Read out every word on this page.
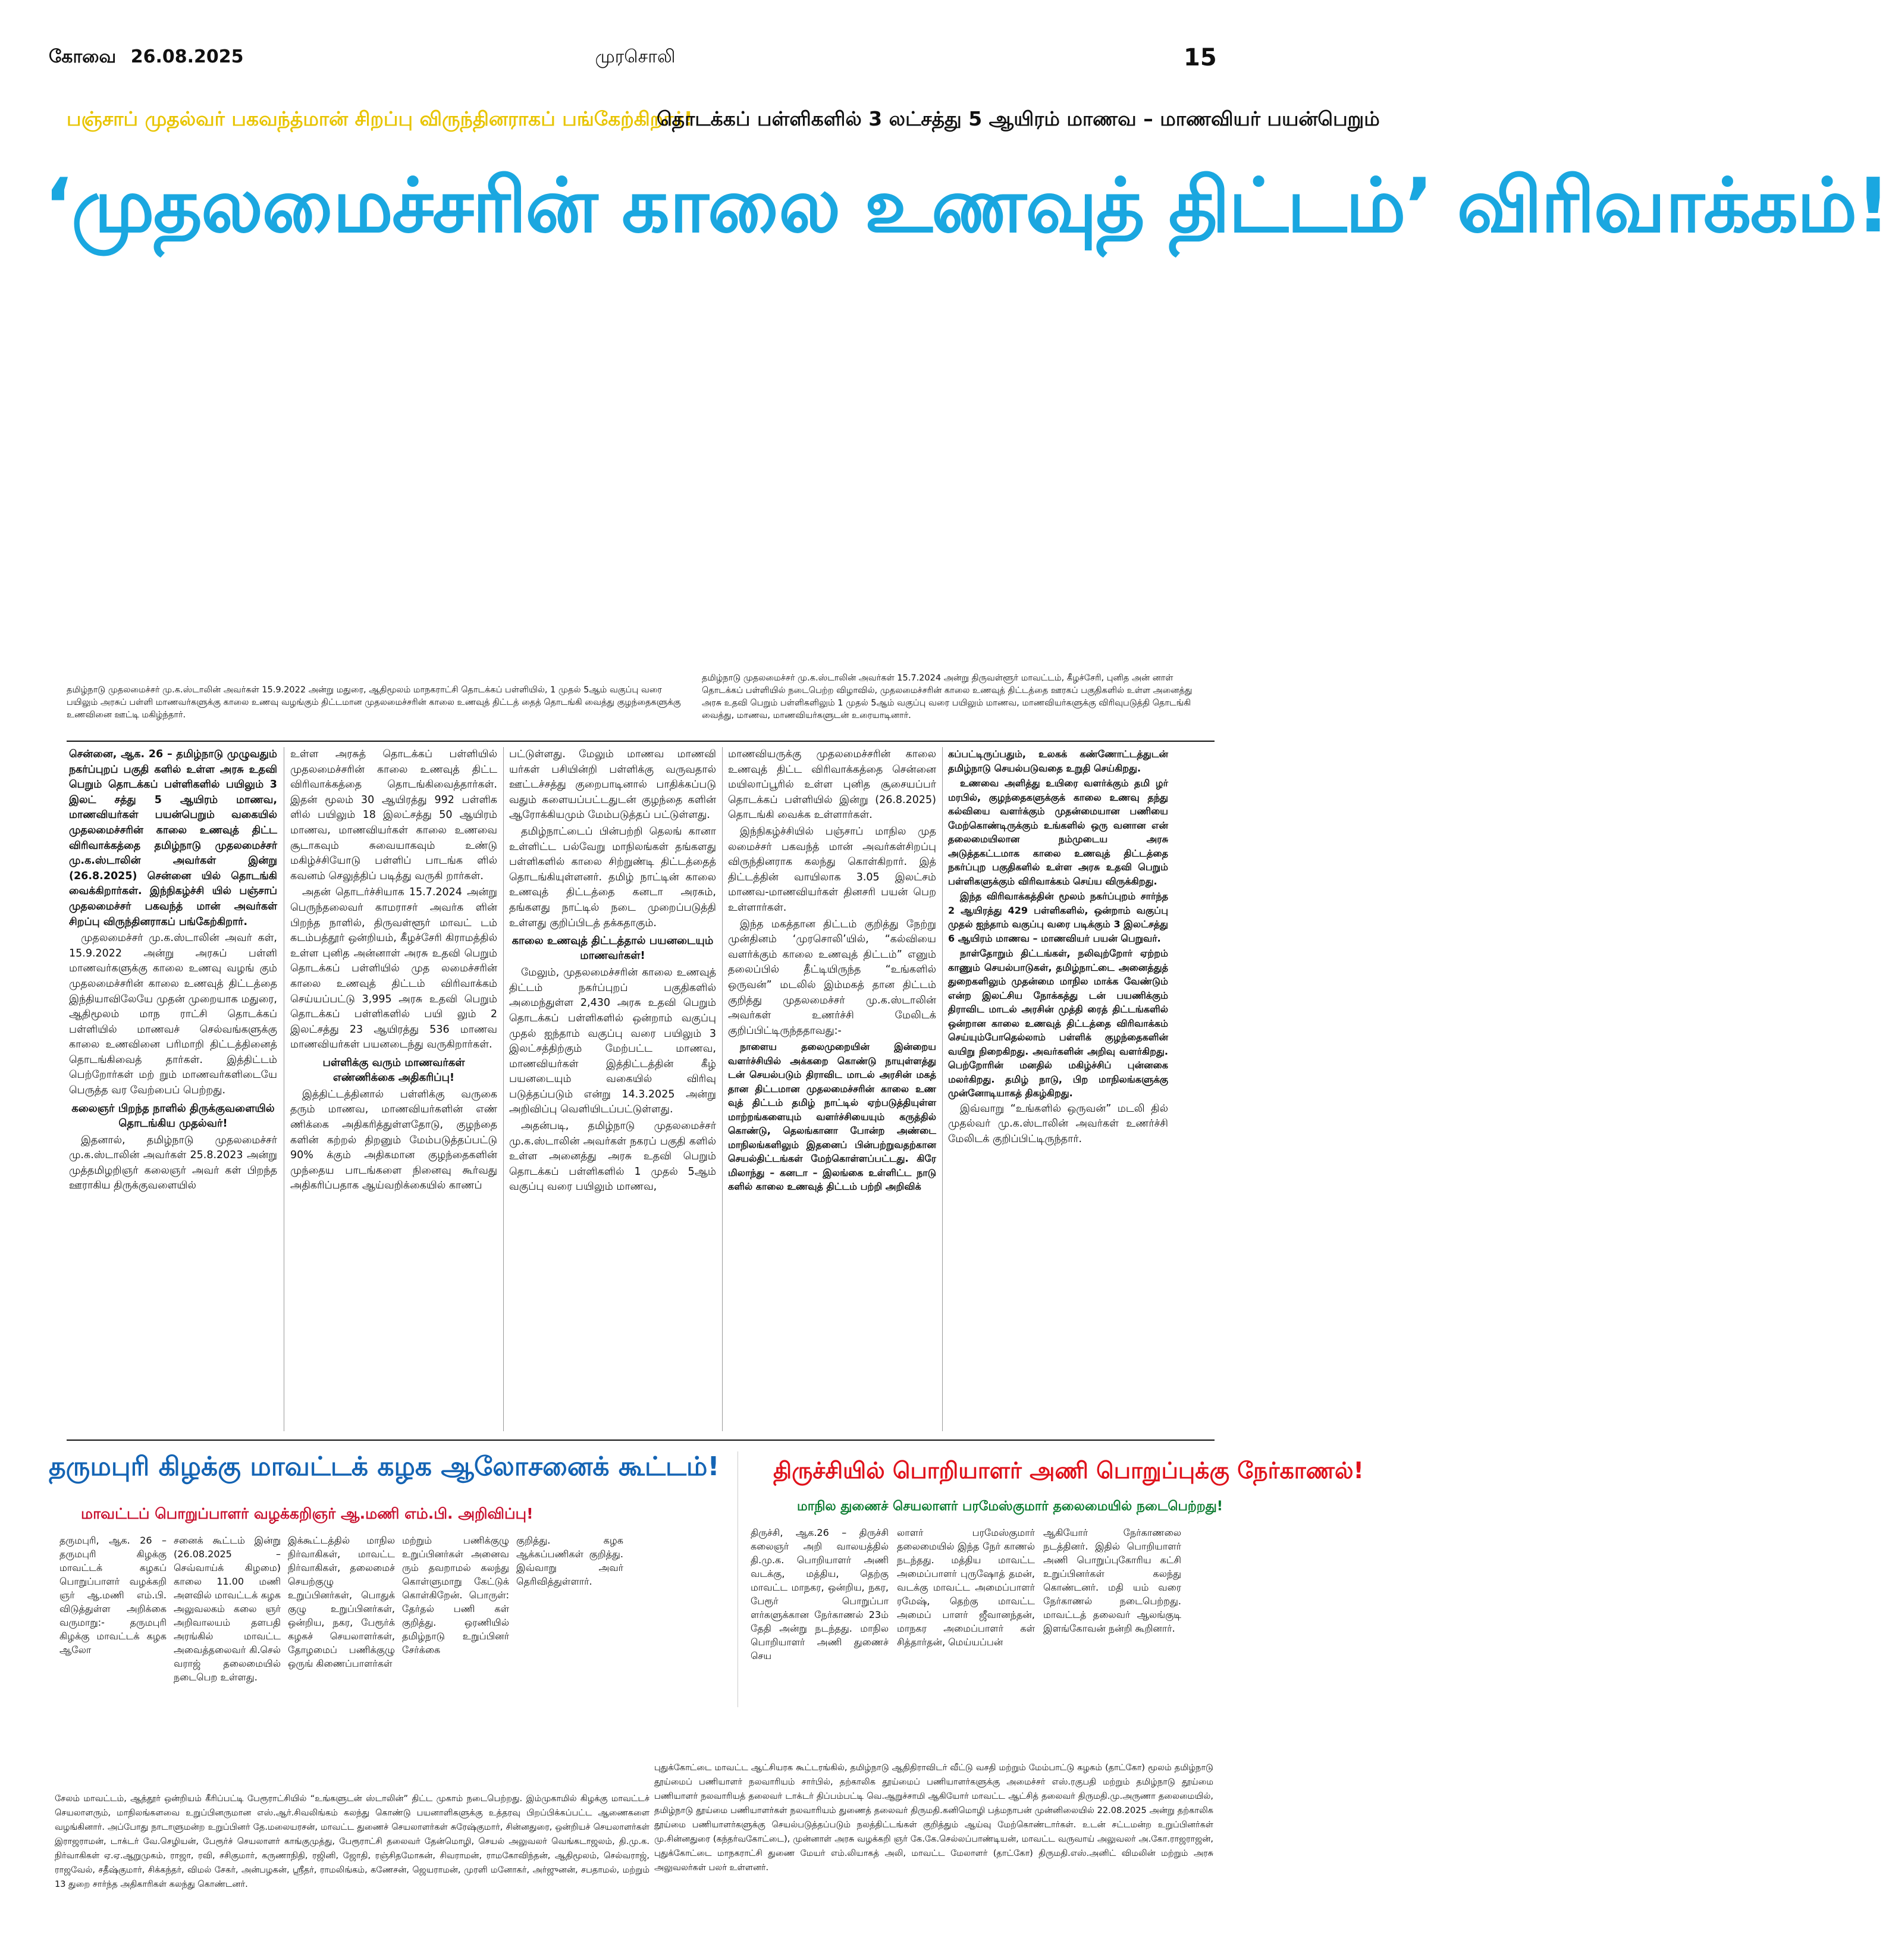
கோவை 26.08.2025	முரசொலி	15
பஞ்சாப் முதல்வர் பகவந்த்மான் சிறப்பு விருந்தினராகப் பங்கேற்கிறார்!
தொடக்கப் பள்ளிகளில் 3 லட்சத்து 5 ஆயிரம் மாணவ – மாணவியர் பயன்பெறும்
‘முதலமைச்சரின் காலை உணவுத் திட்டம்’ விரிவாக்கம்!
தமிழ்நாடு முதலமைச்சர் மு.க.ஸ்டாலின் அவர்கள் 15.9.2022 அன்று மதுரை, ஆதிமூலம் மாநகராட்சி தொடக்கப் பள்ளியில், 1 முதல் 5ஆம் வகுப்பு வரை பயிலும் அரசுப் பள்ளி மாணவர்களுக்கு காலை உணவு வழங்கும் திட்டமான முதலமைச்சரின் காலை உணவுத் திட்டத் தைத் தொடங்கி வைத்து குழந்தைகளுக்கு உணவினை ஊட்டி மகிழ்ந்தார்.
தமிழ்நாடு முதலமைச்சர் மு.க.ஸ்டாலின் அவர்கள் 15.7.2024 அன்று திருவள்ளூர் மாவட்டம், கீழச்சேரி, புனித அன் னாள் தொடக்கப் பள்ளியில் நடைபெற்ற விழாவில், முதலமைச்சரின் காலை உணவுத் திட்டத்தை ஊரகப் பகுதிகளில் உள்ள அனைத்து அரசு உதவி பெறும் பள்ளிகளிலும் 1 முதல் 5ஆம் வகுப்பு வரை பயிலும் மாணவ, மாணவியர்களுக்கு விரிவுபடுத்தி தொடங்கி வைத்து, மாணவ, மாணவியர்களுடன் உரையாடினார்.

சென்னை, ஆக. 26 – தமிழ்நாடு முழுவதும் நகர்ப்புறப் பகுதி களில் உள்ள அரசு உதவி பெறும் தொடக்கப் பள்ளிகளில் பயிலும் 3 இலட் சத்து 5 ஆயிரம் மாணவ, மாணவியர்கள் பயன்பெறும் வகையில் முதலமைச்சரின் காலை உணவுத் திட்ட விரிவாக்கத்தை தமிழ்நாடு முதலமைச்சர் மு.க.ஸ்டாலின் அவர்கள் இன்று (26.8.2025) சென்னை யில் தொடங்கி வைக்கிறார்கள். இந்நிகழ்ச்சி யில் பஞ்சாப் முதலமைச்சர் பகவந்த் மான் அவர்கள் சிறப்பு விருந்தினராகப் பங்கேற்கிறார்.

முதலமைச்சர் மு.க.ஸ்டாலின் அவர் கள், 15.9.2022 அன்று அரசுப் பள்ளி மாணவர்களுக்கு காலை உணவு வழங் கும் முதலமைச்சரின் காலை உணவுத் திட்டத்தை இந்தியாவிலேயே முதன் முறையாக மதுரை, ஆதிமூலம் மாந ராட்சி தொடக்கப் பள்ளியில் மாணவச் செல்வங்களுக்கு காலை உணவினை பரிமாறி திட்டத்தினைத் தொடங்கிவைத் தார்கள். இத்திட்டம் பெற்றோர்கள் மற் றும் மாணவர்களிடையே பெருத்த வர வேற்பைப் பெற்றது.

கலைஞர் பிறந்த நாளில் திருக்குவளையில் தொடங்கிய முதல்வர்!

இதனால், தமிழ்நாடு முதலமைச்சர் மு.க.ஸ்டாலின் அவர்கள் 25.8.2023 அன்று முத்தமிழறிஞர் கலைஞர் அவர் கள் பிறந்த ஊராகிய திருக்குவளையில்

உள்ள அரசுத் தொடக்கப் பள்ளியில் முதலமைச்சரின் காலை உணவுத் திட்ட விரிவாக்கத்தை தொடங்கிவைத்தார்கள். இதன் மூலம் 30 ஆயிரத்து 992 பள்ளிக ளில் பயிலும் 18 இலட்சத்து 50 ஆயிரம் மாணவ, மாணவியர்கள் காலை உணவை சூடாகவும் சுவையாகவும் உண்டு மகிழ்ச்சியோடு பள்ளிப் பாடங்க ளில் கவனம் செலுத்திப் படித்து வருகி றார்கள்.

அதன் தொடர்ச்சியாக 15.7.2024 அன்று பெருந்தலைவர் காமராசர் அவர்க ளின் பிறந்த நாளில், திருவள்ளூர் மாவட் டம் கடம்பத்தூர் ஒன்றியம், கீழச்சேரி கிராமத்தில் உள்ள புனித அன்னாள் அரசு உதவி பெறும் தொடக்கப் பள்ளியில் முத லமைச்சரின் காலை உணவுத் திட்டம் விரிவாக்கம் செய்யப்பட்டு 3,995 அரசு உதவி பெறும் தொடக்கப் பள்ளிகளில் பயி லும் 2 இலட்சத்து 23 ஆயிரத்து 536 மாணவ மாணவியர்கள் பயனடைந்து வருகிறார்கள்.

பள்ளிக்கு வரும் மாணவர்கள் எண்ணிக்கை அதிகரிப்பு!

இத்திட்டத்தினால் பள்ளிக்கு வருகை தரும் மாணவ, மாணவியர்களின் எண் ணிக்கை அதிகரித்துள்ளதோடு, குழந்தை களின் கற்றல் திறனும் மேம்படுத்தப்பட்டு 90% க்கும் அதிகமான குழந்தைகளின் முந்தைய பாடங்களை நினைவு கூர்வது அதிகரிப்பதாக ஆய்வறிக்கையில் காணப்

பட்டுள்ளது. மேலும் மாணவ மாணவி யர்கள் பசியின்றி பள்ளிக்கு வருவதால் ஊட்டச்சத்து குறைபாடினால் பாதிக்கப்படு வதும் களையப்பட்டதுடன் குழந்தை களின் ஆரோக்கியமும் மேம்படுத்தப் பட்டுள்ளது.

தமிழ்நாட்டைப் பின்பற்றி தெலங் கானா உள்ளிட்ட பல்வேறு மாநிலங்கள் தங்களது பள்ளிகளில் காலை சிற்றுண்டி திட்டத்தைத் தொடங்கியுள்ளனர். தமிழ் நாட்டின் காலை உணவுத் திட்டத்தை கனடா அரசும், தங்களது நாட்டில் நடை முறைப்படுத்தி உள்ளது குறிப்பிடத் தக்கதாகும்.

காலை உணவுத் திட்டத்தால் பயனடையும் மாணவர்கள்!

மேலும், முதலமைச்சரின் காலை உணவுத் திட்டம் நகர்ப்புறப் பகுதிகளில் அமைந்துள்ள 2,430 அரசு உதவி பெறும் தொடக்கப் பள்ளிகளில் ஒன்றாம் வகுப்பு முதல் ஐந்தாம் வகுப்பு வரை பயிலும் 3 இலட்சத்திற்கும் மேற்பட்ட மாணவ, மாணவியர்கள் இத்திட்டத்தின் கீழ் பயனடையும் வகையில் விரிவு படுத்தப்படும் என்று 14.3.2025 அன்று அறிவிப்பு வெளியிடப்பட்டுள்ளது.

அதன்படி, தமிழ்நாடு முதலமைச்சர் மு.க.ஸ்டாலின் அவர்கள் நகரப் பகுதி களில் உள்ள அனைத்து அரசு உதவி பெறும் தொடக்கப் பள்ளிகளில் 1 முதல் 5ஆம் வகுப்பு வரை பயிலும் மாணவ,

மாணவியருக்கு முதலமைச்சரின் காலை உணவுத் திட்ட விரிவாக்கத்தை சென்னை மயிலாப்பூரில் உள்ள புனித சூசையப்பர் தொடக்கப் பள்ளியில் இன்று (26.8.2025) தொடங்கி வைக்க உள்ளார்கள்.

இந்நிகழ்ச்சியில் பஞ்சாப் மாநில முத லமைச்சர் பகவந்த் மான் அவர்கள்சிறப்பு விருந்தினராக கலந்து கொள்கிறார். இத் திட்டத்தின் வாயிலாக 3.05 இலட்சம் மாணவ-மாணவியர்கள் தினசரி பயன் பெற உள்ளார்கள்.

இந்த மகத்தான திட்டம் குறித்து நேற்று முன்தினம் ‘முரசொலி’யில், “கல்வியை வளர்க்கும் காலை உணவுத் திட்டம்” எனும் தலைப்பில் தீட்டியிருந்த “உங்களில் ஒருவன்” மடலில் இம்மகத் தான திட்டம் குறித்து முதலமைச்சர் மு.க.ஸ்டாலின் அவர்கள் உணர்ச்சி மேலிடக் குறிப்பிட்டிருந்ததாவது:-

நாளைய தலைமுறையின் இன்றைய வளர்ச்சியில் அக்கறை கொண்டு நாயுள்ளத்து டன் செயல்படும் திராவிட மாடல் அரசின் மகத் தான திட்டமான முதலமைச்சரின் காலை உண வுத் திட்டம் தமிழ் நாட்டில் ஏற்படுத்தியுள்ள மாற்றங்களையும் வளர்ச்சியையும் கருத்தில் கொண்டு, தெலங்கானா போன்ற அண்டை மாநிலங்களிலும் இதனைப் பின்பற்றுவதற்கான செயல்திட்டங்கள் மேற்கொள்ளப்பட்டது. கிரே மிலாந்து – கனடா – இலங்கை உள்ளிட்ட நாடு களில் காலை உணவுத் திட்டம் பற்றி அறிவிக்

கப்பட்டிருப்பதும், உலகக் கண்ணோட்டத்துடன் தமிழ்நாடு செயல்படுவதை உறுதி செய்கிறது.

உணவை அளித்து உயிரை வளர்க்கும் தமி ழர் மரபில், குழந்தைகளுக்குக் காலை உணவு தந்து கல்வியை வளர்க்கும் முதன்மையான பணியை மேற்கொண்டிருக்கும் உங்களில் ஒரு வனான என் தலைமையிலான நம்முடைய அரசு அடுத்தகட்டமாக காலை உணவுத் திட்டத்தை நகர்ப்புற பகுதிகளில் உள்ள அரசு உதவி பெறும் பள்ளிகளுக்கும் விரிவாக்கம் செய்ய விருக்கிறது.

இந்த விரிவாக்கத்தின் மூலம் நகர்ப்புறம் சார்ந்த 2 ஆயிரத்து 429 பள்ளிகளில், ஒன்றாம் வகுப்பு முதல் ஐந்தாம் வகுப்பு வரை படிக்கும் 3 இலட்சத்து 6 ஆயிரம் மாணவ – மாணவியர் பயன் பெறுவர்.

நாள்தோறும் திட்டங்கள், நலிவுற்றோர் ஏற்றம் காணும் செயல்பாடுகள், தமிழ்நாட்டை அனைத்துத் துறைகளிலும் முதன்மை மாநில மாக்க வேண்டும் என்ற இலட்சிய நோக்கத்து டன் பயணிக்கும் திராவிட மாடல் அரசின் முத்தி ரைத் திட்டங்களில் ஒன்றான காலை உணவுத் திட்டத்தை விரிவாக்கம் செய்யும்போதெல்லாம் பள்ளிக் குழந்தைகளின் வயிறு நிறைகிறது. அவர்களின் அறிவு வளர்கிறது. பெற்றோரின் மனதில் மகிழ்ச்சிப் புன்னகை மலர்கிறது. தமிழ் நாடு, பிற மாநிலங்களுக்கு முன்னோடியாகத் திகழ்கிறது.

இவ்வாறு “உங்களில் ஒருவன்” மடலி தில் முதல்வர் மு.க.ஸ்டாலின் அவர்கள் உணர்ச்சி மேலிடக் குறிப்பிட்டிருந்தார்.

தருமபுரி கிழக்கு மாவட்டக் கழக ஆலோசனைக் கூட்டம்!
மாவட்டப் பொறுப்பாளர் வழக்கறிஞர் ஆ.மணி எம்.பி. அறிவிப்பு!

தருமபுரி, ஆக. 26 – தருமபுரி கிழக்கு மாவட்டக் கழகப் பொறுப்பாளர் வழக்கறி ஞர் ஆ.மணி எம்.பி. விடுத்துள்ள அறிக்கை வருமாறு:- தருமபுரி கிழக்கு மாவட்டக் கழக ஆலோ

சனைக் கூட்டம் இன்று (26.08.2025 – செவ்வாய்க் கிழமை) காலை 11.00 மணி அளவில் மாவட்டக் கழக அலுவலகம் கலை ஞர் அறிவாலயம் தளபதி அரங்கில் மாவட்ட அவைத்தலைவர் கி.செல் வராஜ் தலைமையில் நடைபெற உள்ளது.

இக்கூட்டத்தில் மாநில நிர்வாகிகள், மாவட்ட நிர்வாகிகள், தலைமைச் செயற்குழு உறுப்பினர்கள், பொதுக் குழு உறுப்பினர்கள், ஒன்றிய, நகர, பேரூர்க் கழகச் செயலாளர்கள், தோழமைப் பணிக்குழு ஒருங் கிணைப்பாளர்கள்

மற்றும் பணிக்குழு உறுப்பினர்கள் அனைவ ரும் தவறாமல் கலந்து கொள்ளுமாறு கேட்டுக் கொள்கிறேன். பொருள்: தேர்தல் பணி கள் குறித்து. ஒரணியில் தமிழ்நாடு உறுப்பினர் சேர்க்கை

குறித்து. கழக ஆக்கப்பணிகள் குறித்து. இவ்வாறு அவர் தெரிவித்துள்ளார்.

திருச்சியில் பொறியாளர் அணி பொறுப்புக்கு நேர்காணல்!
மாநில துணைச் செயலாளர் பரமேஸ்குமார் தலைமையில் நடைபெற்றது!

திருச்சி, ஆக.26 – திருச்சி கலைஞர் அறி வாலயத்தில் தி.மு.க. பொறியாளர் அணி வடக்கு, மத்திய, தெற்கு மாவட்ட மாநகர, ஒன்றிய, நகர, பேரூர் பொறுப்பா ளர்களுக்கான நேர்காணல் 23ம் தேதி அன்று நடந்தது. மாநில பொறியாளர் அணி துணைச் செய

லாளர் பரமேஸ்குமார் தலைமையில் இந்த நேர் காணல் நடந்தது. மத்திய மாவட்ட அமைப்பாளர் புருஷோத் தமன், வடக்கு மாவட்ட அமைப்பாளர் ரமேஷ், தெற்கு மாவட்ட அமைப் பாளர் ஜீவானந்தன், மாநகர அமைப்பாளர் கள் சித்தார்தன், மெய்யப்பன்

ஆகியோர் நேர்காணலை நடத்தினர். இதில் பொறியாளர் அணி பொறுப்புகோரிய கட்சி உறுப்பினர்கள் கலந்து கொண்டனர். மதி யம் வரை நேர்காணல் நடைபெற்றது. மாவட்டத் தலைவர் ஆலங்குடி இளங்கோவன் நன்றி கூறினார்.

சேலம் மாவட்டம், ஆத்தூர் ஒன்றியம் கீரிப்பட்டி பேரூராட்சியில் “உங்களுடன் ஸ்டாலின்” திட்ட முகாம் நடைபெற்றது. இம்முகாமில் கிழக்கு மாவட்டச் செயலாளரும், மாநிலங்களவை உறுப்பினருமான எஸ்.ஆர்.சிவலிங்கம் கலந்து கொண்டு பயனாளிகளுக்கு உத்தரவு பிறப்பிக்கப்பட்ட ஆணைகளை வழங்கினார். அப்போது நாடாளுமன்ற உறுப்பினர் தே.மலையரசன், மாவட்ட துணைச் செயலாளர்கள் சுரேஷ்குமார், சின்னதுரை, ஒன்றியச் செயலாளர்கள் இராஜராமன், டாக்டர் வே.செழியன், பேரூர்ச் செயலாளர் காங்குமுத்து, பேரூராட்சி தலைவர் தேன்மொழி, செயல் அலுவலர் வெங்கடாஜலம், தி.மு.க. நிர்வாகிகள் ஏ.ஏ.ஆறுமுகம், ராஜா, ரவி, சசிகுமார், கருணாநிதி, ரஜினி, ஜோதி, ரஞ்சிதமோகன், சிவராமன், ராமகோவிந்தன், ஆதிமூலம், செல்வராஜ், ராஜவேல், சதீஷ்குமார், சிக்கந்தர், விமல் சேகர், அன்பழகன், ஸ்ரீதர், ராமலிங்கம், கணேசன், ஜெயராமன், முரளி மனோகர், அர்ஜுனன், சபதாமல், மற்றும் 13 துறை சார்ந்த அதிகாரிகள் கலந்து கொண்டனர்.
புதுக்கோட்டை மாவட்ட ஆட்சியரக கூட்டரங்கில், தமிழ்நாடு ஆதிதிராவிடர் வீட்டு வசதி மற்றும் மேம்பாட்டு கழகம் (தாட்கோ) மூலம் தமிழ்நாடு தூய்மைப் பணியாளர் நலவாரியம் சார்பில், தற்காலிக தூய்மைப் பணியாளர்களுக்கு அமைச்சர் எஸ்.ரகுபதி மற்றும் தமிழ்நாடு தூய்மை பணியாளர் நலவாரியத் தலைவர் டாக்டர் திப்பம்பட்டி வெ.ஆறுச்சாமி ஆகியோர் மாவட்ட ஆட்சித் தலைவர் திருமதி.மு.அருணா தலைமையில், தமிழ்நாடு தூய்மை பணியாளர்கள் நலவாரியம் துணைத் தலைவர் திருமதி.கனிமொழி பத்மநாபன் முன்னிலையில் 22.08.2025 அன்று தற்காலிக தூய்மை பணியாளர்களுக்கு செயல்படுத்தப்படும் நலத்திட்டங்கள் குறித்தும் ஆய்வு மேற்கொண்டார்கள். உடன் சட்டமன்ற உறுப்பினர்கள் மு.சின்னதுரை (கந்தர்வகோட்டை), முன்னாள் அரசு வழக்கறி ஞர் கே.கே.செல்லப்பாண்டியன், மாவட்ட வருவாய் அலுவலர் அ.கோ.ராஜராஜன், புதுக்கோட்டை மாநகராட்சி துணை மேயர் எம்.லியாகத் அலி, மாவட்ட மேலாளர் (தாட்கோ) திருமதி.எஸ்.அனிட் விமலின் மற்றும் அரசு அலுவலர்கள் பலர் உள்ளனர்.
